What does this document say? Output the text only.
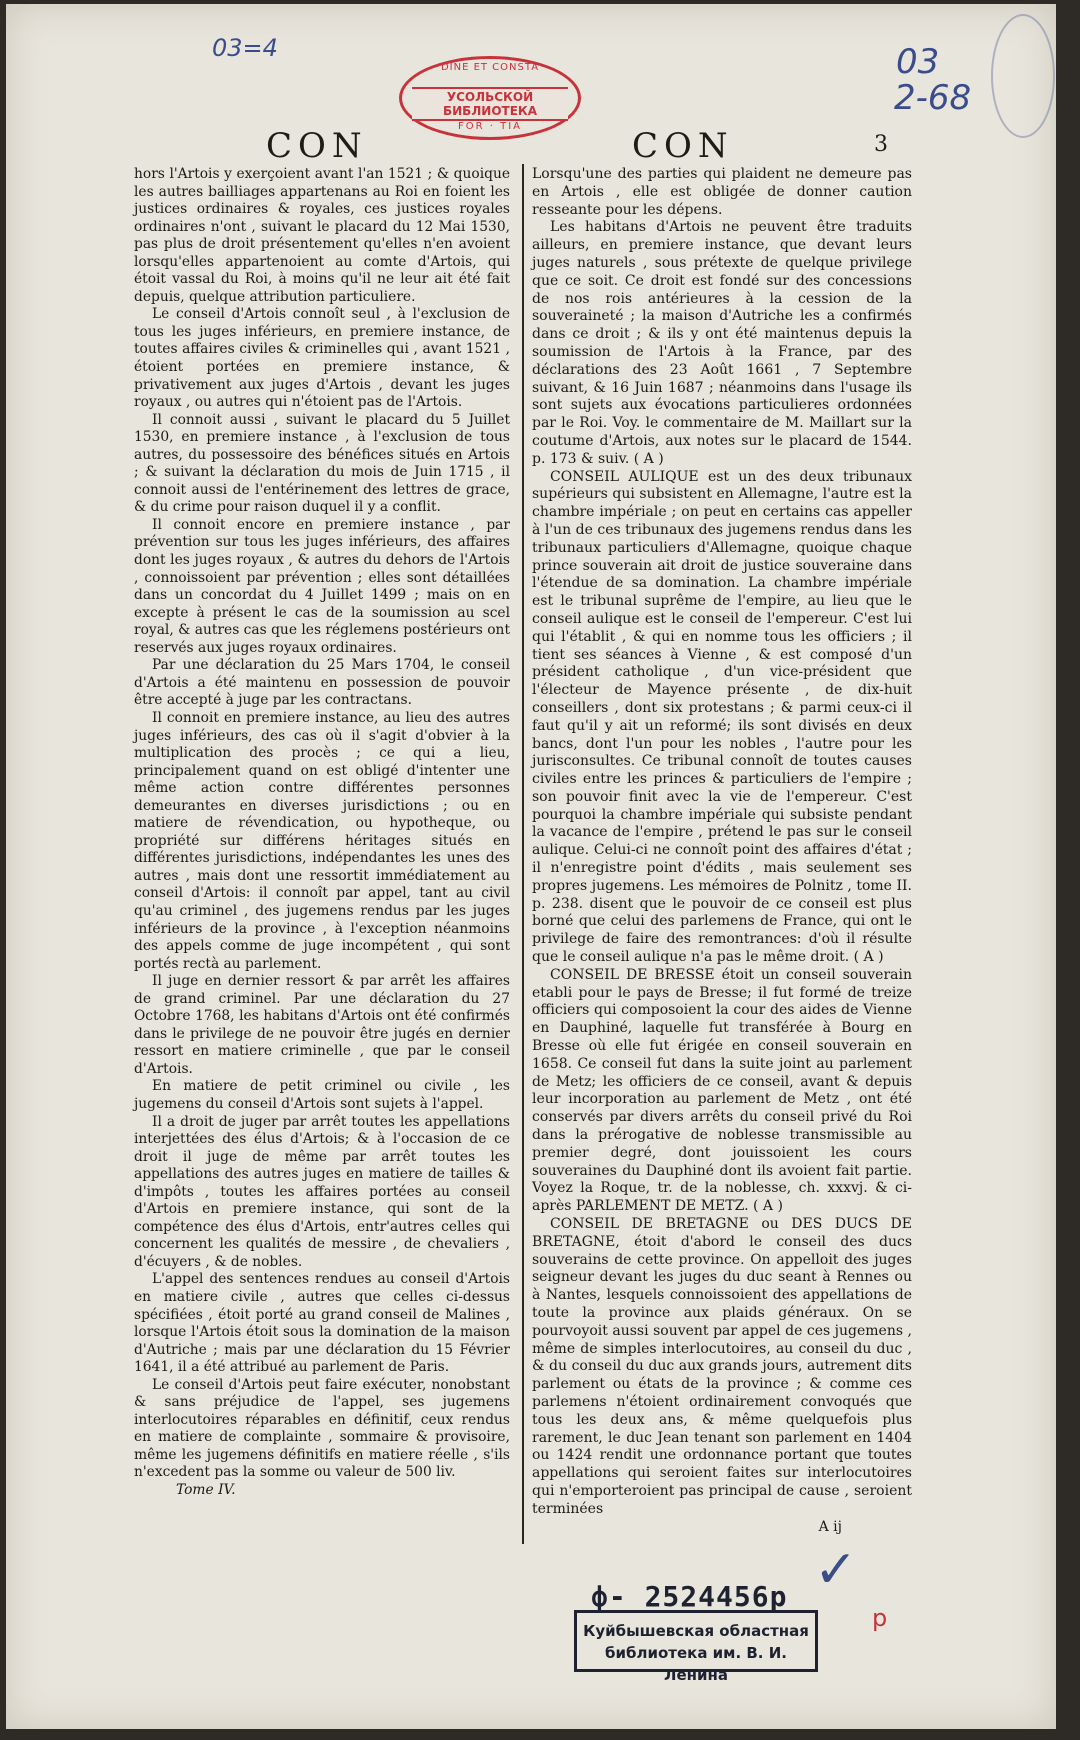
03=4	03
2-68
DINE ET CONSTA
УСОЛЬСКОЙ БИБЛИОТЕКА
FOR · TIA

CON	CON	3

hors l'Artois y exerçoient avant l'an 1521 ; & quoique les autres bailliages appartenans au Roi en foient les justices ordinaires & royales, ces justices royales ordinaires n'ont , suivant le placard du 12 Mai 1530, pas plus de droit présentement qu'elles n'en avoient lorsqu'elles appartenoient au comte d'Artois, qui étoit vassal du Roi, à moins qu'il ne leur ait été fait depuis, quelque attribution particuliere.

Le conseil d'Artois connoît seul , à l'exclusion de tous les juges inférieurs, en premiere instance, de toutes affaires civiles & criminelles qui , avant 1521 , étoient portées en premiere instance, & privativement aux juges d'Artois , devant les juges royaux , ou autres qui n'étoient pas de l'Artois.

Il connoit aussi , suivant le placard du 5 Juillet 1530, en premiere instance , à l'exclusion de tous autres, du possessoire des bénéfices situés en Artois ; & suivant la déclaration du mois de Juin 1715 , il connoit aussi de l'entérinement des lettres de grace, & du crime pour raison duquel il y a conflit.

Il connoit encore en premiere instance , par prévention sur tous les juges inférieurs, des affaires dont les juges royaux , & autres du dehors de l'Artois , connoissoient par prévention ; elles sont détaillées dans un concordat du 4 Juillet 1499 ; mais on en excepte à présent le cas de la soumission au scel royal, & autres cas que les réglemens postérieurs ont reservés aux juges royaux ordinaires.

Par une déclaration du 25 Mars 1704, le conseil d'Artois a été maintenu en possession de pouvoir être accepté à juge par les contractans.

Il connoit en premiere instance, au lieu des autres juges inférieurs, des cas où il s'agit d'obvier à la multiplication des procès ; ce qui a lieu, principalement quand on est obligé d'intenter une même action contre différentes personnes demeurantes en diverses jurisdictions ; ou en matiere de révendication, ou hypotheque, ou propriété sur différens héritages situés en différentes jurisdictions, indépendantes les unes des autres , mais dont une ressortit immédiatement au conseil d'Artois: il connoît par appel, tant au civil qu'au criminel , des jugemens rendus par les juges inférieurs de la province , à l'exception néanmoins des appels comme de juge incompétent , qui sont portés rectà au parlement.

Il juge en dernier ressort & par arrêt les affaires de grand criminel. Par une déclaration du 27 Octobre 1768, les habitans d'Artois ont été confirmés dans le privilege de ne pouvoir être jugés en dernier ressort en matiere criminelle , que par le conseil d'Artois.

En matiere de petit criminel ou civile , les jugemens du conseil d'Artois sont sujets à l'appel.

Il a droit de juger par arrêt toutes les appellations interjettées des élus d'Artois; & à l'occasion de ce droit il juge de même par arrêt toutes les appellations des autres juges en matiere de tailles & d'impôts , toutes les affaires portées au conseil d'Artois en premiere instance, qui sont de la compétence des élus d'Artois, entr'autres celles qui concernent les qualités de messire , de chevaliers , d'écuyers , & de nobles.

L'appel des sentences rendues au conseil d'Artois en matiere civile , autres que celles ci-dessus spécifiées , étoit porté au grand conseil de Malines , lorsque l'Artois étoit sous la domination de la maison d'Autriche ; mais par une déclaration du 15 Février 1641, il a été attribué au parlement de Paris.

Le conseil d'Artois peut faire exécuter, nonobstant & sans préjudice de l'appel, ses jugemens interlocutoires réparables en définitif, ceux rendus en matiere de complainte , sommaire & provisoire, même les jugemens définitifs en matiere réelle , s'ils n'excedent pas la somme ou valeur de 500 liv.

Tome IV.

Lorsqu'une des parties qui plaident ne demeure pas en Artois , elle est obligée de donner caution resseante pour les dépens.

Les habitans d'Artois ne peuvent être traduits ailleurs, en premiere instance, que devant leurs juges naturels , sous prétexte de quelque privilege que ce soit. Ce droit est fondé sur des concessions de nos rois antérieures à la cession de la souveraineté ; la maison d'Autriche les a confirmés dans ce droit ; & ils y ont été maintenus depuis la soumission de l'Artois à la France, par des déclarations des 23 Août 1661 , 7 Septembre suivant, & 16 Juin 1687 ; néanmoins dans l'usage ils sont sujets aux évocations particulieres ordonnées par le Roi. Voy. le commentaire de M. Maillart sur la coutume d'Artois, aux notes sur le placard de 1544. p. 173 & suiv. ( A )

CONSEIL AULIQUE est un des deux tribunaux supérieurs qui subsistent en Allemagne, l'autre est la chambre impériale ; on peut en certains cas appeller à l'un de ces tribunaux des jugemens rendus dans les tribunaux particuliers d'Allemagne, quoique chaque prince souverain ait droit de justice souveraine dans l'étendue de sa domination. La chambre impériale est le tribunal suprême de l'empire, au lieu que le conseil aulique est le conseil de l'empereur. C'est lui qui l'établit , & qui en nomme tous les officiers ; il tient ses séances à Vienne , & est composé d'un président catholique , d'un vice-président que l'électeur de Mayence présente , de dix-huit conseillers , dont six protestans ; & parmi ceux-ci il faut qu'il y ait un reformé; ils sont divisés en deux bancs, dont l'un pour les nobles , l'autre pour les jurisconsultes. Ce tribunal connoît de toutes causes civiles entre les princes & particuliers de l'empire ; son pouvoir finit avec la vie de l'empereur. C'est pourquoi la chambre impériale qui subsiste pendant la vacance de l'empire , prétend le pas sur le conseil aulique. Celui-ci ne connoît point des affaires d'état ; il n'enregistre point d'édits , mais seulement ses propres jugemens. Les mémoires de Polnitz , tome II. p. 238. disent que le pouvoir de ce conseil est plus borné que celui des parlemens de France, qui ont le privilege de faire des remontrances: d'où il résulte que le conseil aulique n'a pas le même droit. ( A )

CONSEIL DE BRESSE étoit un conseil souverain etabli pour le pays de Bresse; il fut formé de treize officiers qui composoient la cour des aides de Vienne en Dauphiné, laquelle fut transférée à Bourg en Bresse où elle fut érigée en conseil souverain en 1658. Ce conseil fut dans la suite joint au parlement de Metz; les officiers de ce conseil, avant & depuis leur incorporation au parlement de Metz , ont été conservés par divers arrêts du conseil privé du Roi dans la prérogative de noblesse transmissible au premier degré, dont jouissoient les cours souveraines du Dauphiné dont ils avoient fait partie. Voyez la Roque, tr. de la noblesse, ch. xxxvj. & ci-après PARLEMENT DE METZ. ( A )

CONSEIL DE BRETAGNE ou DES DUCS DE BRETAGNE, étoit d'abord le conseil des ducs souverains de cette province. On appelloit des juges seigneur devant les juges du duc seant à Rennes ou à Nantes, lesquels connoissoient des appellations de toute la province aux plaids généraux. On se pourvoyoit aussi souvent par appel de ces jugemens , même de simples interlocutoires, au conseil du duc , & du conseil du duc aux grands jours, autrement dits parlement ou états de la province ; & comme ces parlemens n'étoient ordinairement convoqués que tous les deux ans, & même quelquefois plus rarement, le duc Jean tenant son parlement en 1404 ou 1424 rendit une ordonnance portant que toutes appellations qui seroient faites sur interlocutoires qui n'emporteroient pas principal de cause , seroient terminées

A ij

✓
ф- 2524456р
Куйбышевская областная
библиотека им. В. И. Ленина
р
